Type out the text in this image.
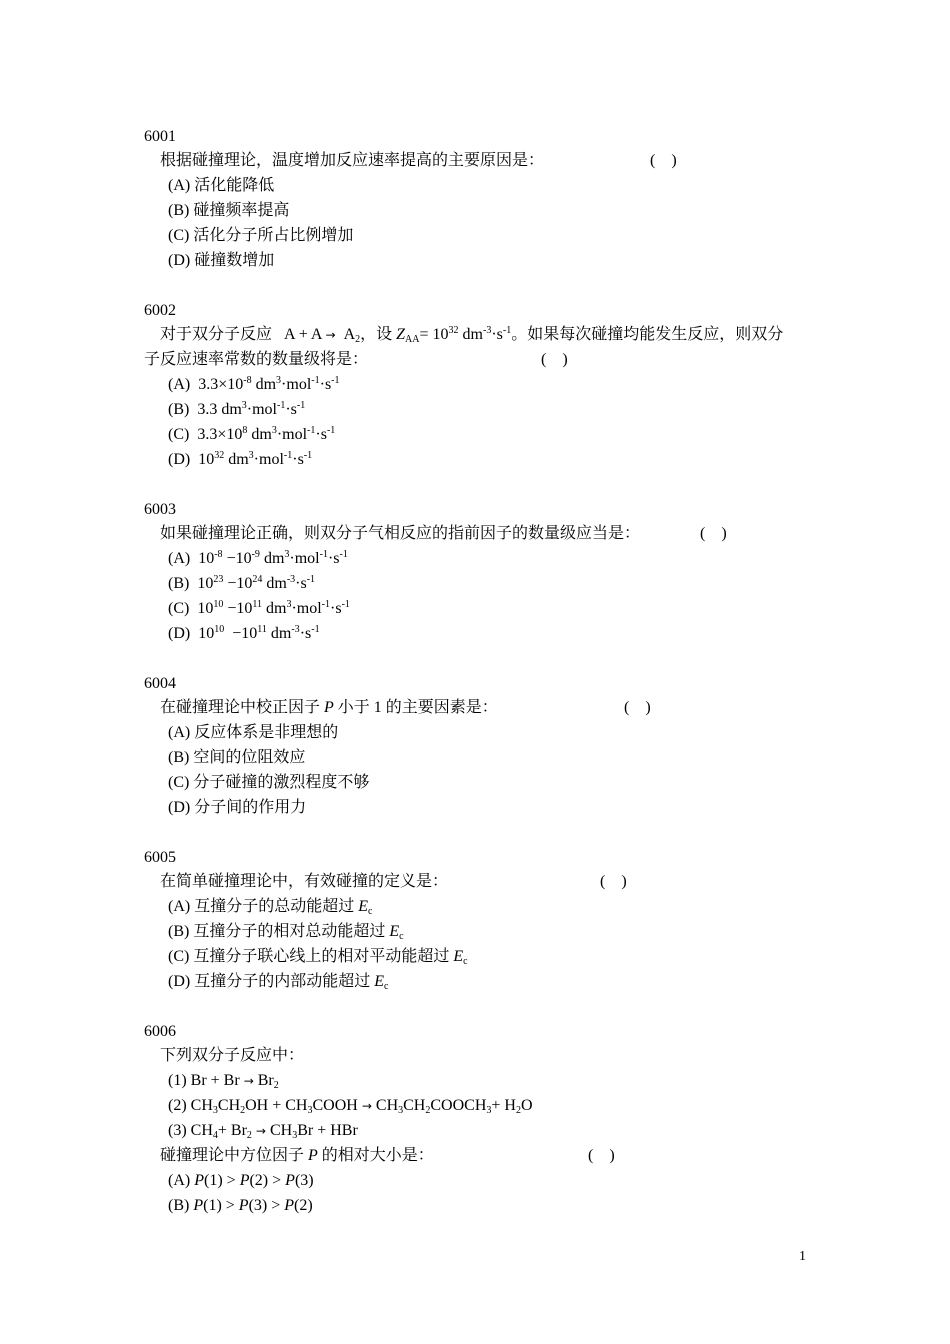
6001
根据碰撞理论，温度增加反应速率提高的主要原因是：	(    )
(A) 活化能降低
(B) 碰撞频率提高
(C) 活化分子所占比例增加
(D) 碰撞数增加
6002
对于双分子反应   $A + A \to A_2$，设 $Z_{AA}= 10^{32}$ $dm^{-3}\cdot s^{-1}$。如果每次碰撞均能发生反应，则双分
子反应速率常数的数量级将是：	(    )
(A)  $3.3\times 10^{-8}$ $dm^3\cdot mol^{-1}\cdot s^{-1}$
(B)  3.3 $dm^3\cdot mol^{-1}\cdot s^{-1}$
(C)  $3.3\times 10^8$ $dm^3\cdot mol^{-1}\cdot s^{-1}$
(D)  $10^{32}$ $dm^3\cdot mol^{-1}\cdot s^{-1}$
6003
如果碰撞理论正确，则双分子气相反应的指前因子的数量级应当是：	(    )
(A)  $10^{-8} -10^{-9}$ $dm^3\cdot mol^{-1}\cdot s^{-1}$
(B)  $10^{23} -10^{24}$ $dm^{-3}\cdot s^{-1}$
(C)  $10^{10} -10^{11}$ $dm^3\cdot mol^{-1}\cdot s^{-1}$
(D)  $10^{10} -10^{11}$ $dm^{-3}\cdot s^{-1}$
6004
在碰撞理论中校正因子 P 小于 1 的主要因素是：	(    )
(A) 反应体系是非理想的
(B) 空间的位阻效应
(C) 分子碰撞的激烈程度不够
(D) 分子间的作用力
6005
在简单碰撞理论中，有效碰撞的定义是：	(    )
(A) 互撞分子的总动能超过 $E_c$
(B) 互撞分子的相对总动能超过 $E_c$
(C) 互撞分子联心线上的相对平动能超过 $E_c$
(D) 互撞分子的内部动能超过 $E_c$
6006
下列双分子反应中：
(1) $Br + Br \to Br_2$
(2) $CH_3CH_2OH$ + $CH_3COOH$ → $CH_3CH_2COOCH_3+ H_2O$
(3) $CH_4+ Br_2 \to CH_3Br$ + HBr
碰撞理论中方位因子 P 的相对大小是：	(    )
(A) P(1) > P(2) > P(3)
(B) P(1) > P(3) > P(2)
1
